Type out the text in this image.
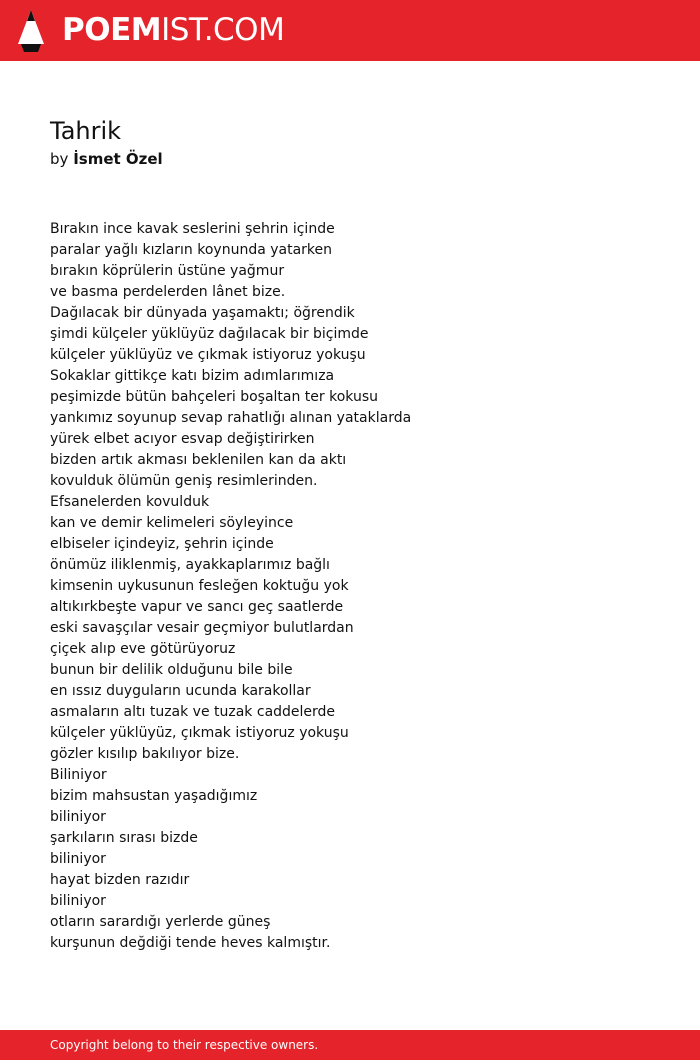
POEMIST.COM
Tahrik
by İsmet Özel
Bırakın ince kavak seslerini şehrin içinde
paralar yağlı kızların koynunda yatarken
bırakın köprülerin üstüne yağmur
ve basma perdelerden lânet bize.
Dağılacak bir dünyada yaşamaktı; öğrendik
şimdi külçeler yüklüyüz dağılacak bir biçimde
külçeler yüklüyüz ve çıkmak istiyoruz yokuşu
Sokaklar gittikçe katı bizim adımlarımıza
peşimizde bütün bahçeleri boşaltan ter kokusu
yankımız soyunup sevap rahatlığı alınan yataklarda
yürek elbet acıyor esvap değiştirirken
bizden artık akması beklenilen kan da aktı
kovulduk ölümün geniş resimlerinden.
Efsanelerden kovulduk
kan ve demir kelimeleri söyleyince
elbiseler içindeyiz, şehrin içinde
önümüz iliklenmiş, ayakkaplarımız bağlı
kimsenin uykusunun fesleğen koktuğu yok
altıkırkbeşte vapur ve sancı geç saatlerde
eski savaşçılar vesair geçmiyor bulutlardan
çiçek alıp eve götürüyoruz
bunun bir delilik olduğunu bile bile
en ıssız duyguların ucunda karakollar
asmaların altı tuzak ve tuzak caddelerde
külçeler yüklüyüz, çıkmak istiyoruz yokuşu
gözler kısılıp bakılıyor bize.
Biliniyor
bizim mahsustan yaşadığımız
biliniyor
şarkıların sırası bizde
biliniyor
hayat bizden razıdır
biliniyor
otların sarardığı yerlerde güneş
kurşunun değdiği tende heves kalmıştır.
Copyright belong to their respective owners.
